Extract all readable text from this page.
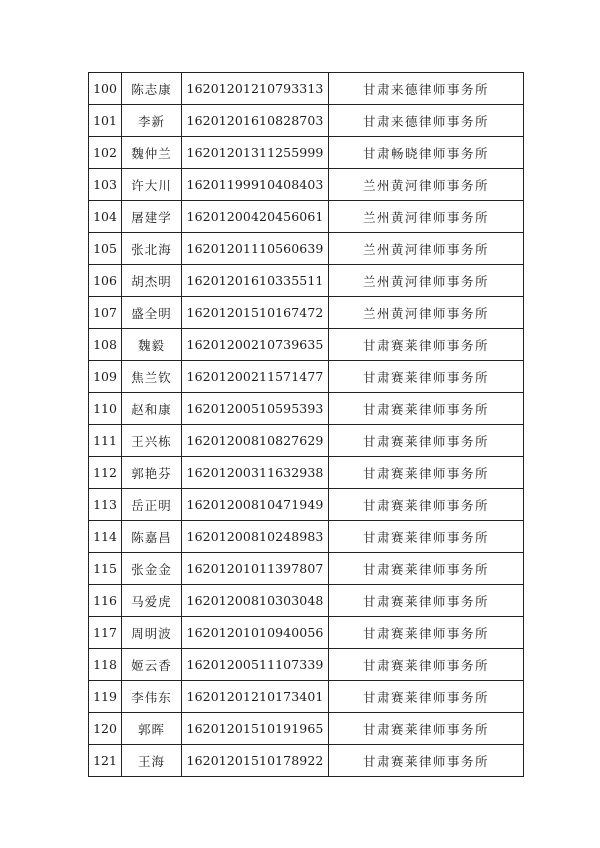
100	陈志康	16201201210793313	甘肃来德律师事务所
101	李新	16201201610828703	甘肃来德律师事务所
102	魏仲兰	16201201311255999	甘肃畅晓律师事务所
103	许大川	16201199910408403	兰州黄河律师事务所
104	屠建学	16201200420456061	兰州黄河律师事务所
105	张北海	16201201110560639	兰州黄河律师事务所
106	胡杰明	16201201610335511	兰州黄河律师事务所
107	盛全明	16201201510167472	兰州黄河律师事务所
108	魏毅	16201200210739635	甘肃赛莱律师事务所
109	焦兰钦	16201200211571477	甘肃赛莱律师事务所
110	赵和康	16201200510595393	甘肃赛莱律师事务所
111	王兴栋	16201200810827629	甘肃赛莱律师事务所
112	郭艳芬	16201200311632938	甘肃赛莱律师事务所
113	岳正明	16201200810471949	甘肃赛莱律师事务所
114	陈嘉昌	16201200810248983	甘肃赛莱律师事务所
115	张金金	16201201011397807	甘肃赛莱律师事务所
116	马爱虎	16201200810303048	甘肃赛莱律师事务所
117	周明波	16201201010940056	甘肃赛莱律师事务所
118	姬云香	16201200511107339	甘肃赛莱律师事务所
119	李伟东	16201201210173401	甘肃赛莱律师事务所
120	郭晖	16201201510191965	甘肃赛莱律师事务所
121	王海	16201201510178922	甘肃赛莱律师事务所
